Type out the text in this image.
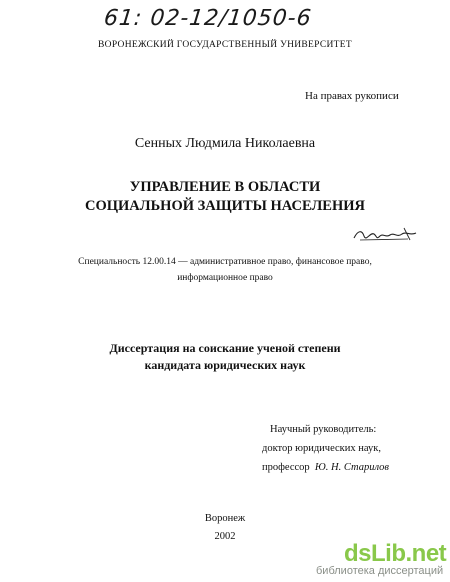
61: 02-12/1050-6
ВОРОНЕЖСКИЙ ГОСУДАРСТВЕННЫЙ УНИВЕРСИТЕТ
На правах рукописи
Сенных Людмила Николаевна
УПРАВЛЕНИЕ В ОБЛАСТИ
СОЦИАЛЬНОЙ ЗАЩИТЫ НАСЕЛЕНИЯ
Специальность 12.00.14 — административное право, финансовое право,
информационное право
Диссертация на соискание ученой степени
кандидата юридических наук
Научный руководитель:
доктор юридических наук,
профессор Ю. Н. Старилов
Воронеж
2002
dsLib.net
библиотека диссертаций
